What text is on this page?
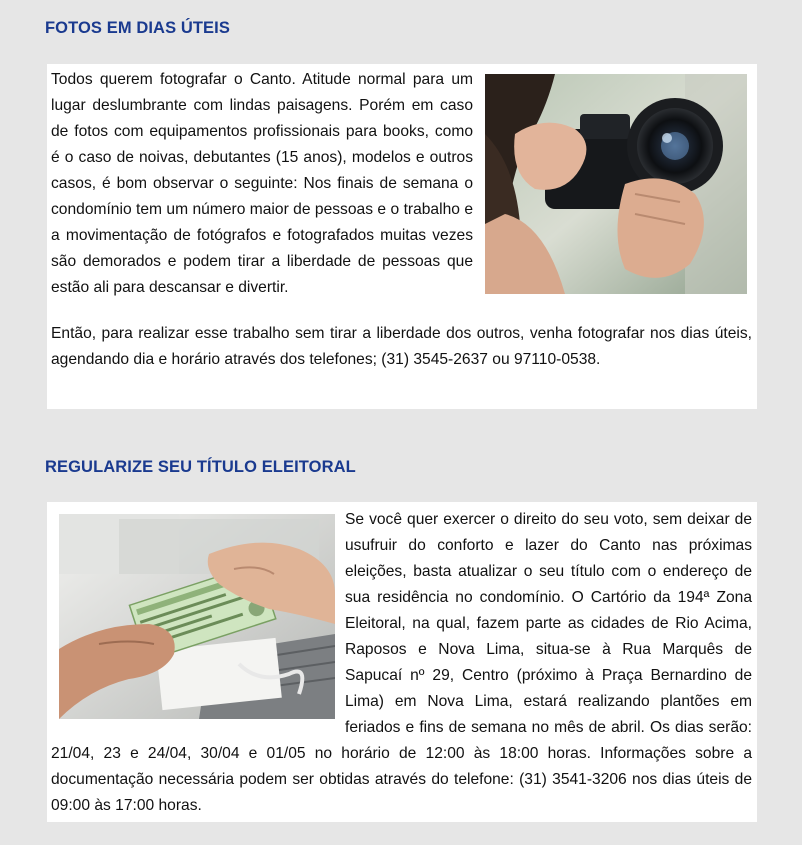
FOTOS EM DIAS ÚTEIS

Todos querem fotografar o Canto. Atitude normal para um lugar deslumbrante com lindas paisagens. Porém em caso de fotos com equipamentos profissionais para books, como é o caso de noivas, debutantes (15 anos), modelos e outros casos, é bom observar o seguinte: Nos finais de semana o condomínio tem um número maior de pessoas e o trabalho e a movimentação de fotógrafos e fotografados muitas vezes são demorados e podem tirar a liberdade de pessoas que estão ali para descansar e divertir.

Então, para realizar esse trabalho sem tirar a liberdade dos outros, venha fotografar nos dias úteis, agendando dia e horário através dos telefones; (31) 3545-2637 ou 97110-0538.

REGULARIZE SEU TÍTULO ELEITORAL

Se você quer exercer o direito do seu voto, sem deixar de usufruir do conforto e lazer do Canto nas próximas eleições, basta atualizar o seu título com o endereço de sua residência no condomínio. O Cartório da 194ª Zona Eleitoral, na qual, fazem parte as cidades de Rio Acima, Raposos e Nova Lima, situa-se à Rua Marquês de Sapucaí nº 29, Centro (próximo à Praça Bernardino de Lima) em Nova Lima, estará realizando plantões em feriados e fins de semana no mês de abril. Os dias serão: 21/04, 23 e 24/04, 30/04 e 01/05 no horário de 12:00 às 18:00 horas. Informações sobre a documentação necessária podem ser obtidas através do telefone: (31) 3541-3206 nos dias úteis de 09:00 às 17:00 horas.
